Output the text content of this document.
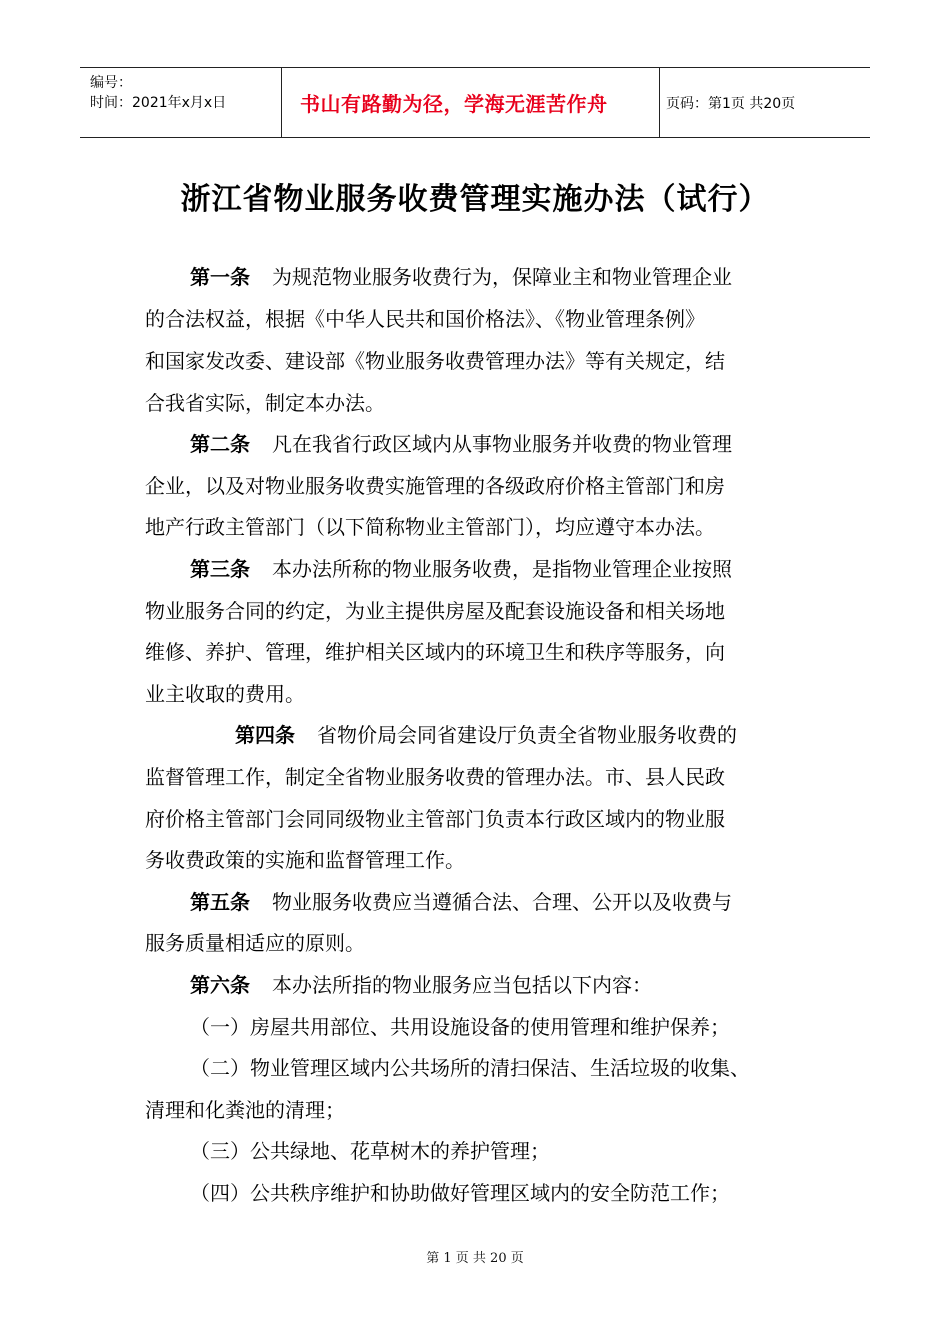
编号：
时间：2021年x月x日	书山有路勤为径，学海无涯苦作舟	页码：第1页 共20页
浙江省物业服务收费管理实施办法（试行）
第一条 为规范物业服务收费行为，保障业主和物业管理企业
的合法权益，根据《中华人民共和国价格法》、《物业管理条例》
和国家发改委、建设部《物业服务收费管理办法》等有关规定，结
合我省实际，制定本办法。
第二条 凡在我省行政区域内从事物业服务并收费的物业管理
企业，以及对物业服务收费实施管理的各级政府价格主管部门和房
地产行政主管部门（以下简称物业主管部门），均应遵守本办法。
第三条 本办法所称的物业服务收费，是指物业管理企业按照
物业服务合同的约定，为业主提供房屋及配套设施设备和相关场地
维修、养护、管理，维护相关区域内的环境卫生和秩序等服务，向
业主收取的费用。
第四条 省物价局会同省建设厅负责全省物业服务收费的
监督管理工作，制定全省物业服务收费的管理办法。市、县人民政
府价格主管部门会同同级物业主管部门负责本行政区域内的物业服
务收费政策的实施和监督管理工作。
第五条 物业服务收费应当遵循合法、合理、公开以及收费与
服务质量相适应的原则。
第六条 本办法所指的物业服务应当包括以下内容：
（一）房屋共用部位、共用设施设备的使用管理和维护保养；
（二）物业管理区域内公共场所的清扫保洁、生活垃圾的收集、
清理和化粪池的清理；
（三）公共绿地、花草树木的养护管理；
（四）公共秩序维护和协助做好管理区域内的安全防范工作；
第 1 页 共 20 页
